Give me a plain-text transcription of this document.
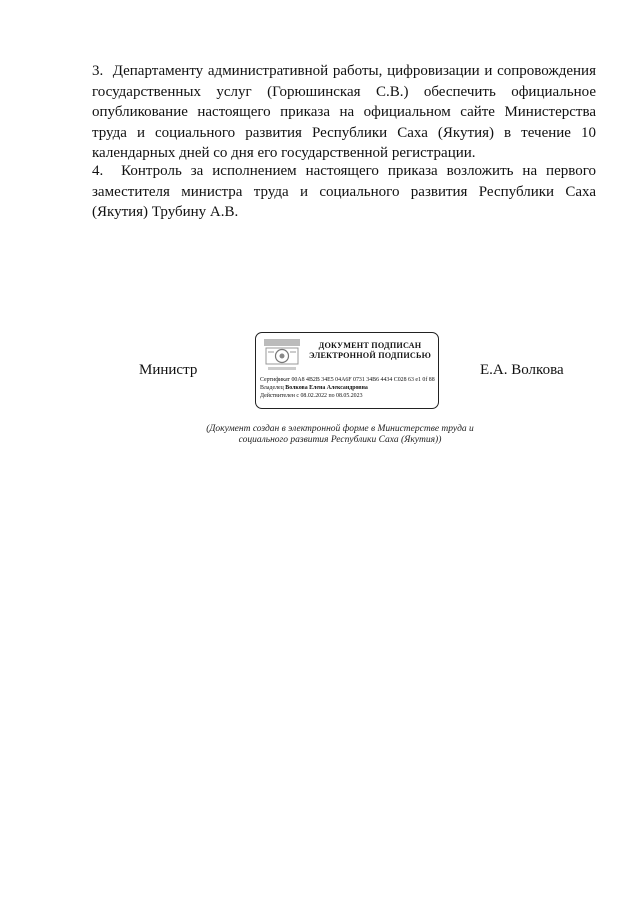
3.  Департаменту административной работы, цифровизации и сопровождения государственных услуг (Горюшинская С.В.) обеспечить официальное опубликование настоящего приказа на официальном сайте Министерства труда и социального развития Республики Саха (Якутия) в течение 10 календарных дней со дня его государственной регистрации.

4.  Контроль за исполнением настоящего приказа возложить на первого заместителя министра труда и социального развития Республики Саха (Якутия) Трубину А.В.

Министр
ДОКУМЕНТ ПОДПИСАН
ЭЛЕКТРОННОЙ ПОДПИСЬЮ
Сертификат 00A8 4B2B 34E5 04A6F 0731 34B6 4434 C028 63 e1 0f 88
Владелец Волкова Елена Александровна
Действителен с 08.02.2022 по 08.05.2023
Е.А. Волкова
(Документ создан в электронной форме в Министерстве труда и
социального развития Республики Саха (Якутия))
